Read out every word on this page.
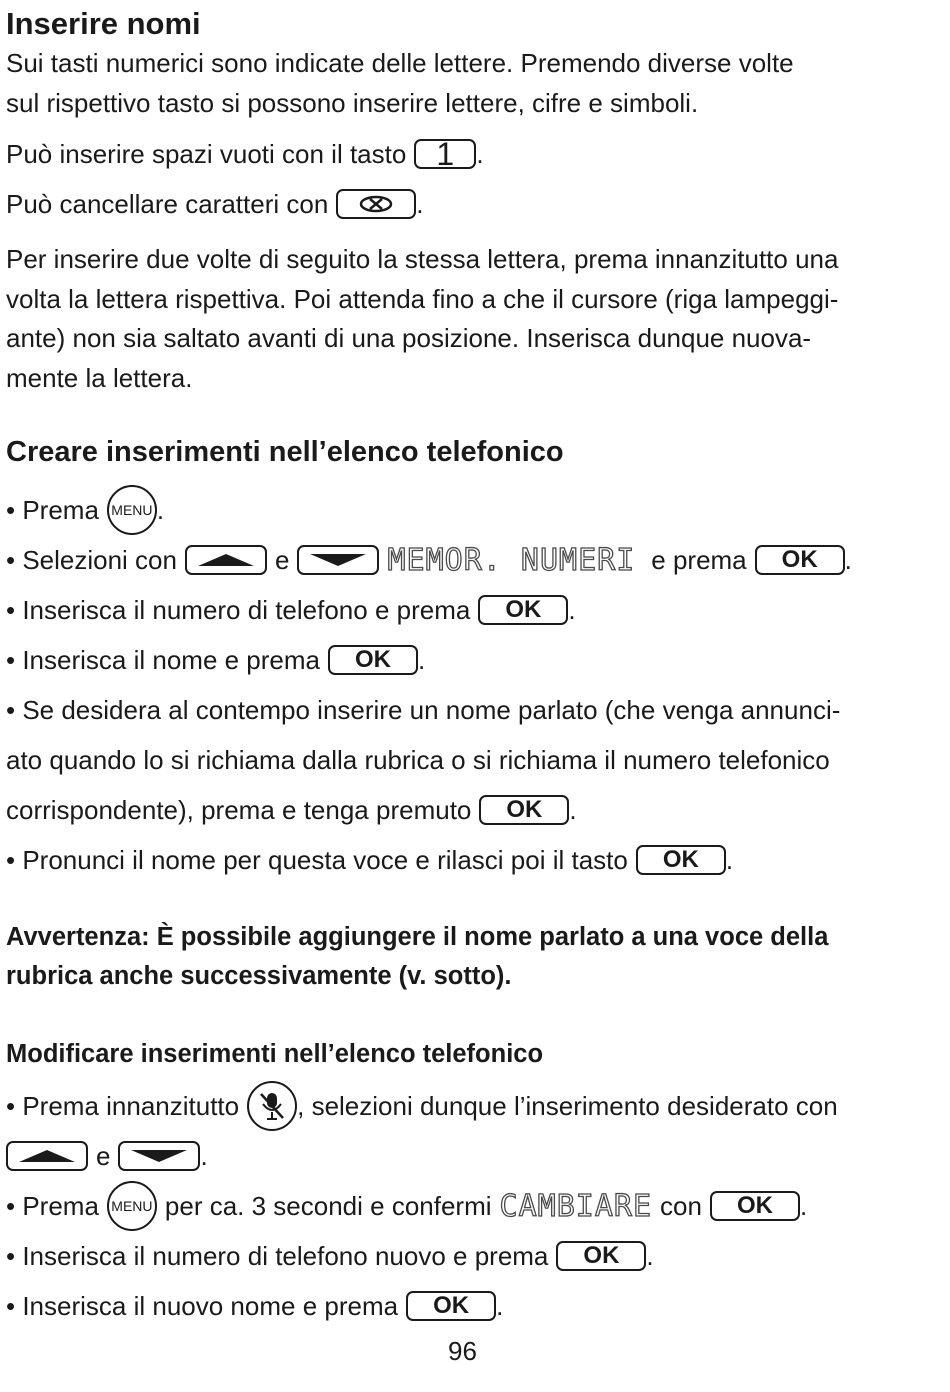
Inserire nomi
Sui tasti numerici sono indicate delle lettere. Premendo diverse volte
sul rispettivo tasto si possono inserire lettere, cifre e simboli.
Può inserire spazi vuoti con il tasto 1 .
Può cancellare caratteri con	.
Per inserire due volte di seguito la stessa lettera, prema innanzitutto una
volta la lettera rispettiva. Poi attenda fino a che il cursore (riga lampeggi-
ante) non sia saltato avanti di una posizione. Inserisca dunque nuova-
mente la lettera.
Creare inserimenti nell’elenco telefonico
• Prema MENU .
• Selezioni con	e	MEMOR. NUMERI e prema	OK	.
• Inserisca il numero di telefono e prema	OK	.
• Inserisca il nome e prema	OK	.
• Se desidera al contempo inserire un nome parlato (che venga annunci-
ato quando lo si richiama dalla rubrica o si richiama il numero telefonico
corrispondente), prema e tenga premuto	OK	.
• Pronunci il nome per questa voce e rilasci poi il tasto	OK	.
Avvertenza: È possibile aggiungere il nome parlato a una voce della
rubrica anche successivamente (v. sotto).
Modificare inserimenti nell’elenco telefonico
• Prema innanzitutto , selezioni dunque l’inserimento desiderato con
e	.
• Prema MENU per ca. 3 secondi e confermi CAMBIARE con	OK	.
• Inserisca il numero di telefono nuovo e prema	OK	.
• Inserisca il nuovo nome e prema	OK	.
96
